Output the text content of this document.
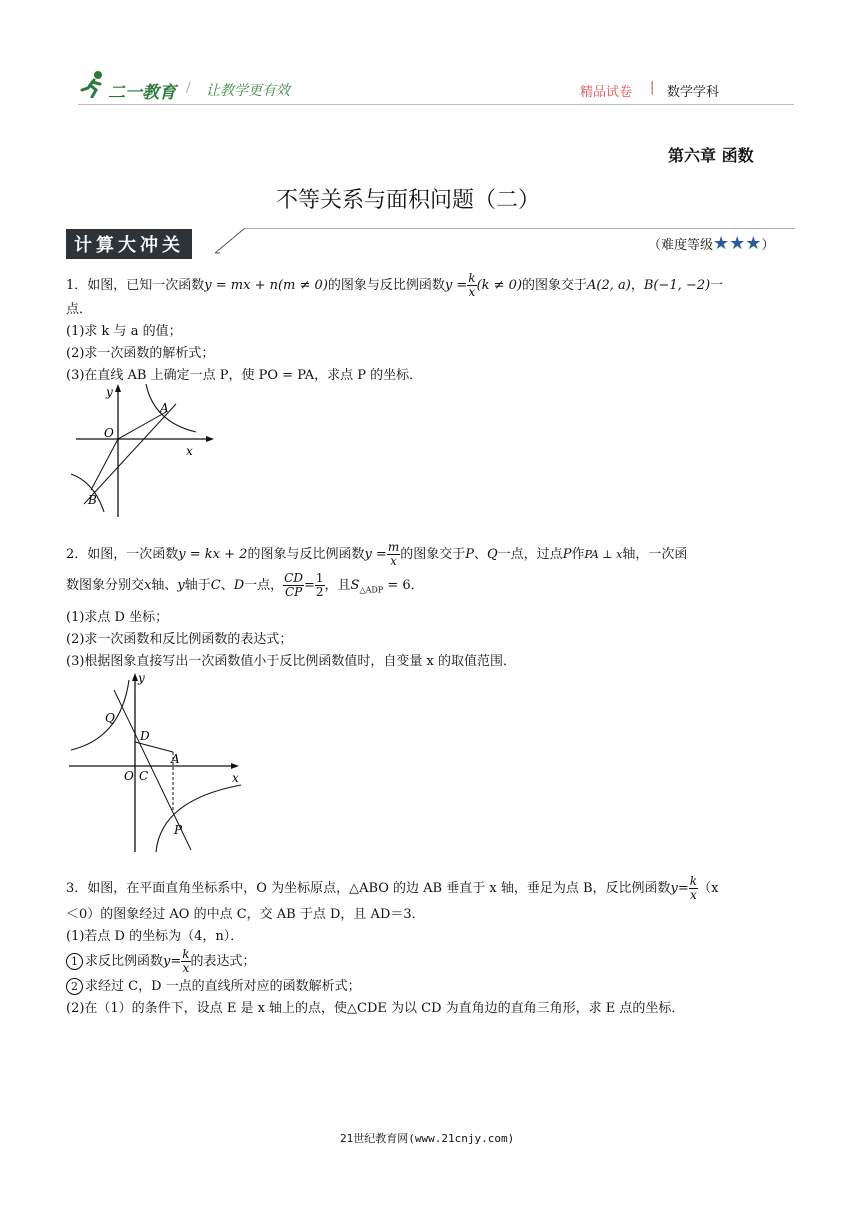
二一教育 / 让教学更有效	精品试卷 | 数学学科
第六章 函数
不等关系与面积问题（二）
计算大冲关	（难度等级★★★）

1．如图，已知一次函数y = mx + n(m ≠ 0)的图象与反比例函数$y = \frac{k}{x} (k \ne 0)$的图象交于A(2, a)，B(−1, −2)一

点．

(1)求 k 与 a 的值；

(2)求一次函数的解析式；

(3)在直线 AB 上确定一点 P，使 PO = PA，求点 P 的坐标．

y
x
O
A
B

2．如图，一次函数y = kx + 2的图象与反比例函数$y = \frac{m}{x}$ 的图象交于P、Q一点，过点P作PA ⊥ x轴，一次函

数图象分别交x轴、y轴于C、D一点， $\frac{CD}{CP} = \frac{1}{2}$ ，且$S_{\triangle ADP} = 6$．

(1)求点 D 坐标；

(2)求一次函数和反比例函数的表达式；

(3)根据图象直接写出一次函数值小于反比例函数值时，自变量 x 的取值范围．

y
x
O C
A
D
Q
P

3．如图，在平面直角坐标系中，O 为坐标原点，△ABO 的边 AB 垂直于 x 轴，垂足为点 B，反比例函数$y= \frac{k}{x} (x$

＜0）的图象经过 AO 的中点 C，交 AB 于点 D，且 AD＝3．

(1)若点 D 的坐标为（4，n）．

1 求反比例函数$y= \frac{k}{x}$ 的表达式；

2 求经过 C，D 一点的直线所对应的函数解析式；

(2)在（1）的条件下，设点 E 是 x 轴上的点，使△CDE 为以 CD 为直角边的直角三角形，求 E 点的坐标．

21世纪教育网(www.21cnjy.com)
